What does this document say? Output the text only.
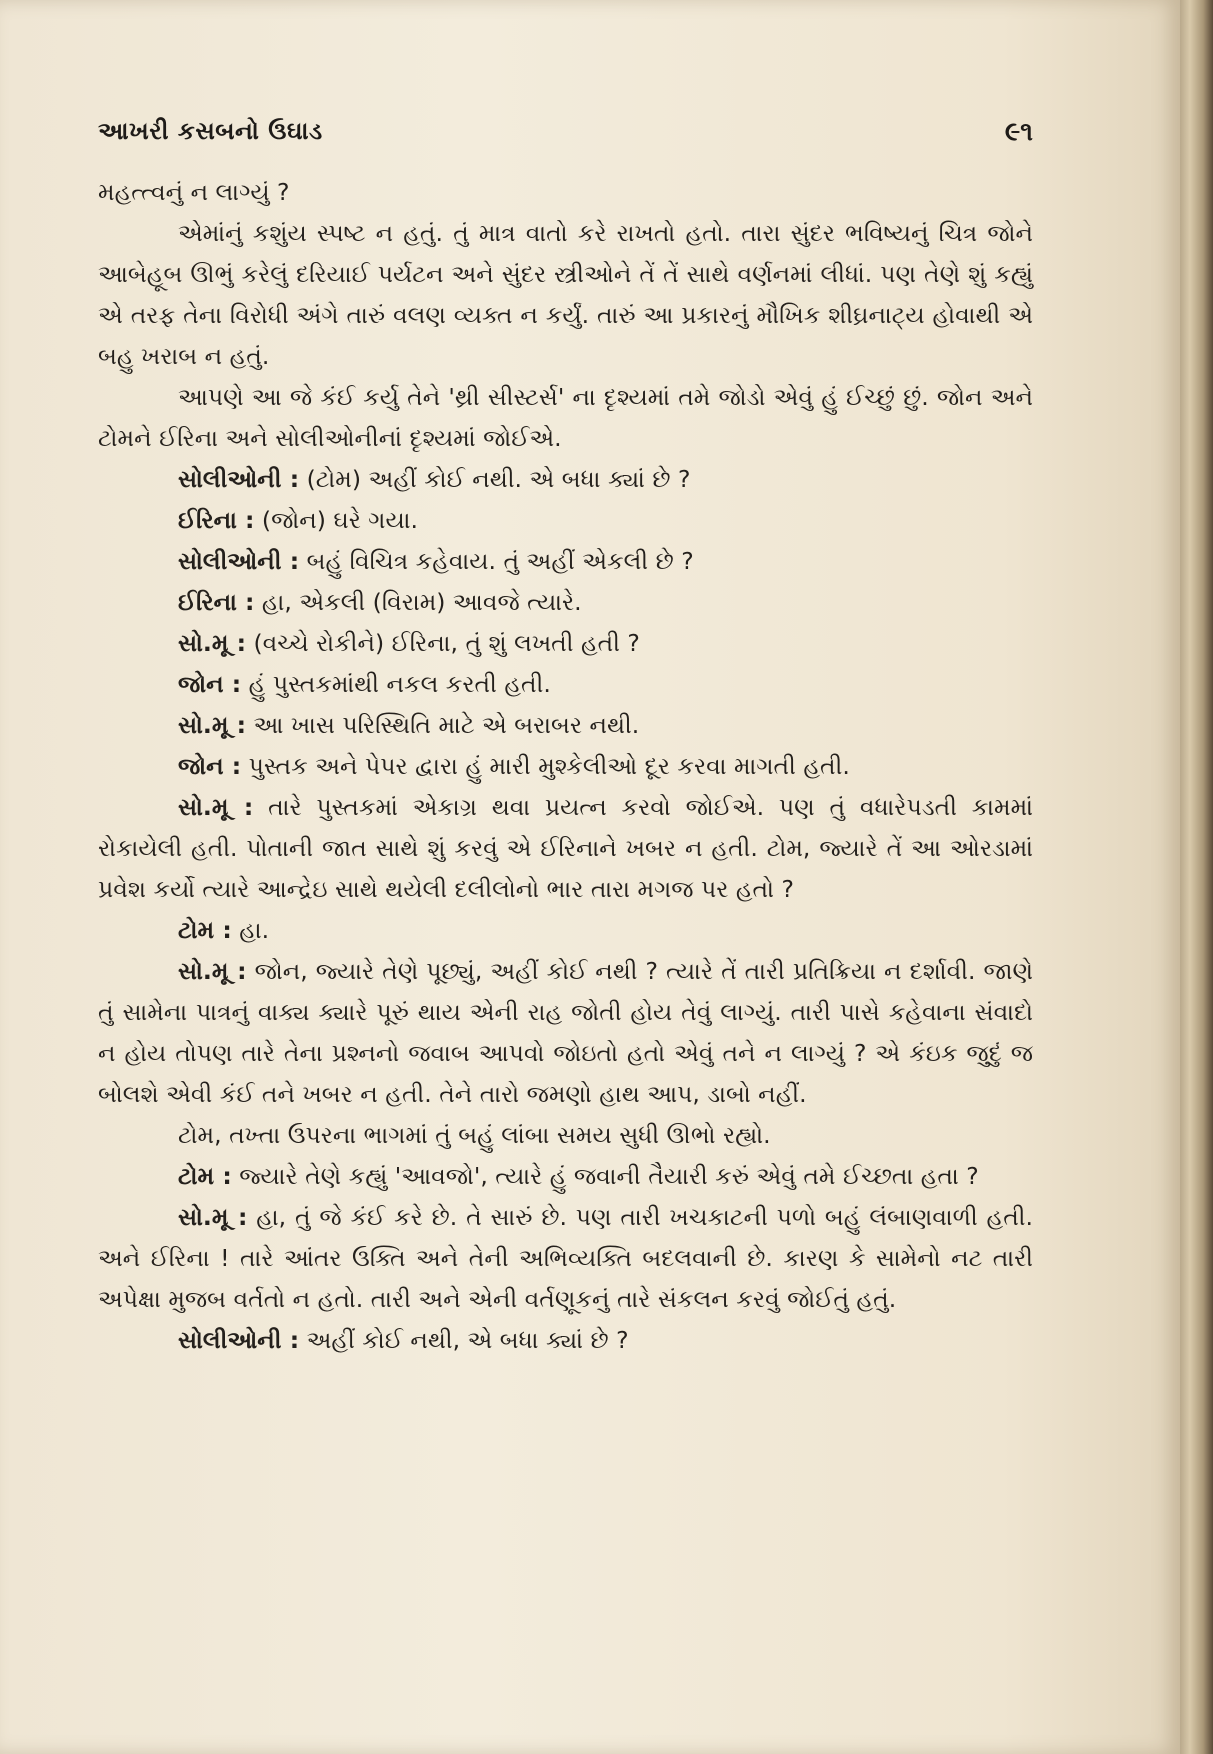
આખરી કસબનો ઉઘાડ	૯૧

મહત્ત્વનું ન લાગ્યું ?

એમાંનું કશુંય સ્પષ્ટ ન હતું. તું માત્ર વાતો કરે રાખતો હતો. તારા સુંદર ભવિષ્યનું ચિત્ર જોને આબેહૂબ ઊભું કરેલું દરિયાઈ પર્યટન અને સુંદર સ્ત્રીઓને તેં તેં સાથે વર્ણનમાં લીધાં. પણ તેણે શું કહ્યું એ તરફ તેના વિરોધી અંગે તારું વલણ વ્યક્ત ન કર્યું. તારું આ પ્રકારનું મૌખિક શીઘ્રનાટ્ય હોવાથી એ બહુ ખરાબ ન હતું.

આપણે આ જે કંઈ કર્યુ તેને 'થ્રી સીસ્ટર્સ' ના દૃશ્યમાં તમે જોડો એવું હું ઈચ્છું છું. જોન અને ટોમને ઈરિના અને સોલીઓનીનાં દૃશ્યમાં જોઈએ.

સોલીઓની : (ટોમ) અહીં કોઈ નથી. એ બધા ક્યાં છે ?

ઈરિના : (જોન) ઘરે ગયા.

સોલીઓની : બહું વિચિત્ર કહેવાય. તું અહીં એકલી છે ?

ઈરિના : હા, એકલી (વિરામ) આવજે ત્યારે.

સો.મૂ : (વચ્ચે રોકીને) ઈરિના, તું શું લખતી હતી ?

જોન : હું પુસ્તકમાંથી નકલ કરતી હતી.

સો.મૂ : આ ખાસ પરિસ્થિતિ માટે એ બરાબર નથી.

જોન : પુસ્તક અને પેપર દ્વારા હું મારી મુશ્કેલીઓ દૂર કરવા માગતી હતી.

સો.મૂ : તારે પુસ્તકમાં એકાગ્ર થવા પ્રયત્ન કરવો જોઈએ. પણ તું વધારેપડતી કામમાં રોકાયેલી હતી. પોતાની જાત સાથે શું કરવું એ ઈરિનાને ખબર ન હતી. ટોમ, જ્યારે તેં આ ઓરડામાં પ્રવેશ કર્યો ત્યારે આન્દ્રેઇ સાથે થયેલી દલીલોનો ભાર તારા મગજ પર હતો ?

ટોમ : હા.

સો.મૂ : જોન, જ્યારે તેણે પૂછ્યું, અહીં કોઈ નથી ? ત્યારે તેં તારી પ્રતિક્રિયા ન દર્શાવી. જાણે તું સામેના પાત્રનું વાક્ય ક્યારે પૂરું થાય એની રાહ જોતી હોય તેવું લાગ્યું. તારી પાસે કહેવાના સંવાદો ન હોય તોપણ તારે તેના પ્રશ્નનો જવાબ આપવો જોઇતો હતો એવું તને ન લાગ્યું ? એ કંઇક જુદું જ બોલશે એવી કંઈ તને ખબર ન હતી. તેને તારો જમણો હાથ આપ, ડાબો નહીં.

ટોમ, તખ્તા ઉપરના ભાગમાં તું બહું લાંબા સમય સુધી ઊભો રહ્યો.

ટોમ : જ્યારે તેણે કહ્યું 'આવજો', ત્યારે હું જવાની તૈયારી કરું એવું તમે ઈચ્છતા હતા ?

સો.મૂ : હા, તું જે કંઈ કરે છે. તે સારું છે. પણ તારી ખચકાટની પળો બહું લંબાણવાળી હતી. અને ઈરિના ! તારે આંતર ઉક્તિ અને તેની અભિવ્યક્તિ બદલવાની છે. કારણ કે સામેનો નટ તારી અપેક્ષા મુજબ વર્તતો ન હતો. તારી અને એની વર્તણૂકનું તારે સંકલન કરવું જોઈતું હતું.

સોલીઓની : અહીં કોઈ નથી, એ બધા ક્યાં છે ?
